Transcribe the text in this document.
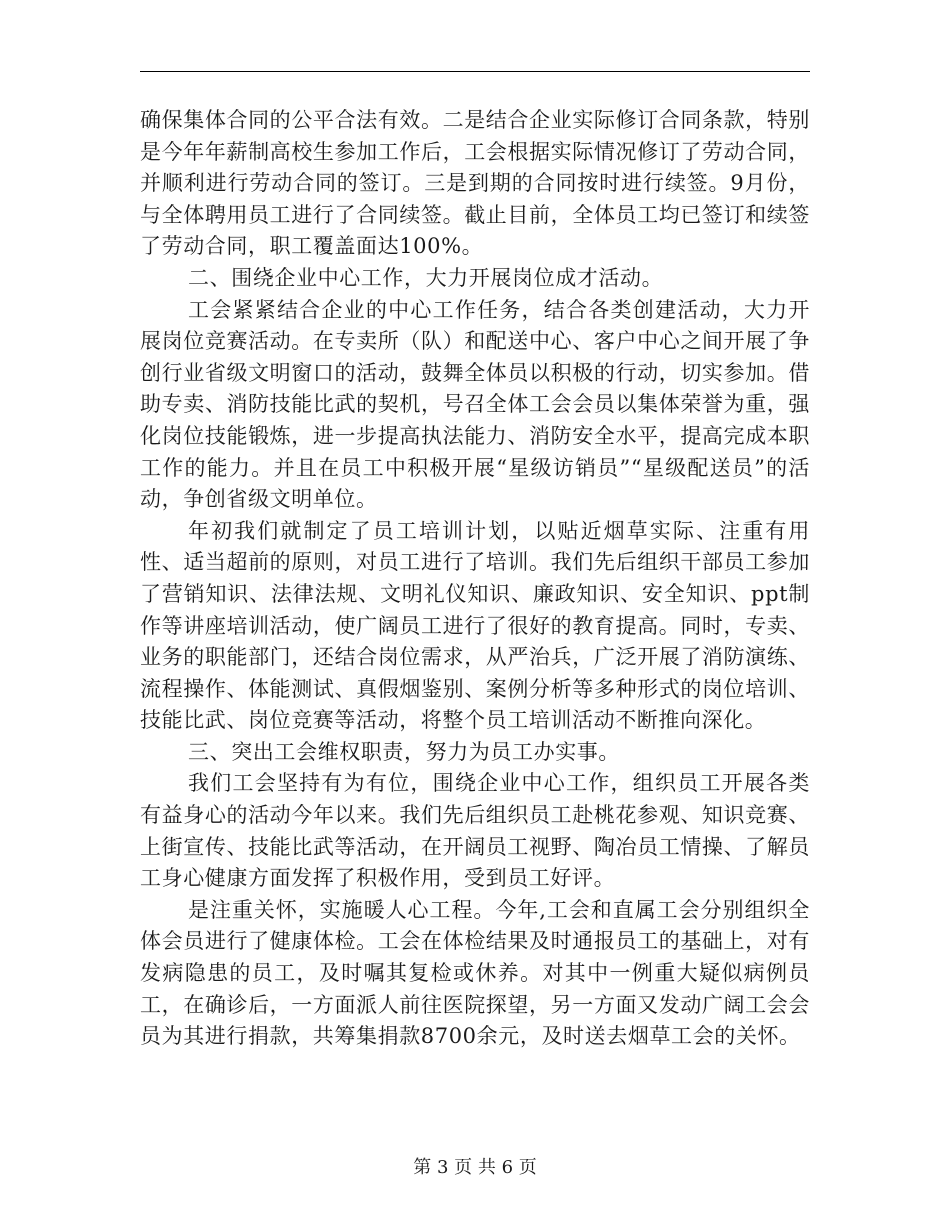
确保集体合同的公平合法有效。二是结合企业实际修订合同条款，特别是今年年薪制高校生参加工作后，工会根据实际情况修订了劳动合同，并顺利进行劳动合同的签订。三是到期的合同按时进行续签。9月份，与全体聘用员工进行了合同续签。截止目前，全体员工均已签订和续签了劳动合同，职工覆盖面达100%。

二、围绕企业中心工作，大力开展岗位成才活动。

工会紧紧结合企业的中心工作任务，结合各类创建活动，大力开展岗位竞赛活动。在专卖所（队）和配送中心、客户中心之间开展了争创行业省级文明窗口的活动，鼓舞全体员以积极的行动，切实参加。借助专卖、消防技能比武的契机，号召全体工会会员以集体荣誉为重，强化岗位技能锻炼，进一步提高执法能力、消防安全水平，提高完成本职工作的能力。并且在员工中积极开展“星级访销员”“星级配送员”的活动，争创省级文明单位。

年初我们就制定了员工培训计划，以贴近烟草实际、注重有用性、适当超前的原则，对员工进行了培训。我们先后组织干部员工参加了营销知识、法律法规、文明礼仪知识、廉政知识、安全知识、ppt制作等讲座培训活动，使广阔员工进行了很好的教育提高。同时，专卖、业务的职能部门，还结合岗位需求，从严治兵，广泛开展了消防演练、流程操作、体能测试、真假烟鉴别、案例分析等多种形式的岗位培训、技能比武、岗位竞赛等活动，将整个员工培训活动不断推向深化。

三、突出工会维权职责，努力为员工办实事。

我们工会坚持有为有位，围绕企业中心工作，组织员工开展各类有益身心的活动今年以来。我们先后组织员工赴桃花参观、知识竞赛、上街宣传、技能比武等活动，在开阔员工视野、陶冶员工情操、了解员工身心健康方面发挥了积极作用，受到员工好评。

是注重关怀，实施暖人心工程。今年,工会和直属工会分别组织全体会员进行了健康体检。工会在体检结果及时通报员工的基础上，对有发病隐患的员工，及时嘱其复检或休养。对其中一例重大疑似病例员工，在确诊后，一方面派人前往医院探望，另一方面又发动广阔工会会员为其进行捐款，共筹集捐款8700余元，及时送去烟草工会的关怀。

第 3 页 共 6 页
